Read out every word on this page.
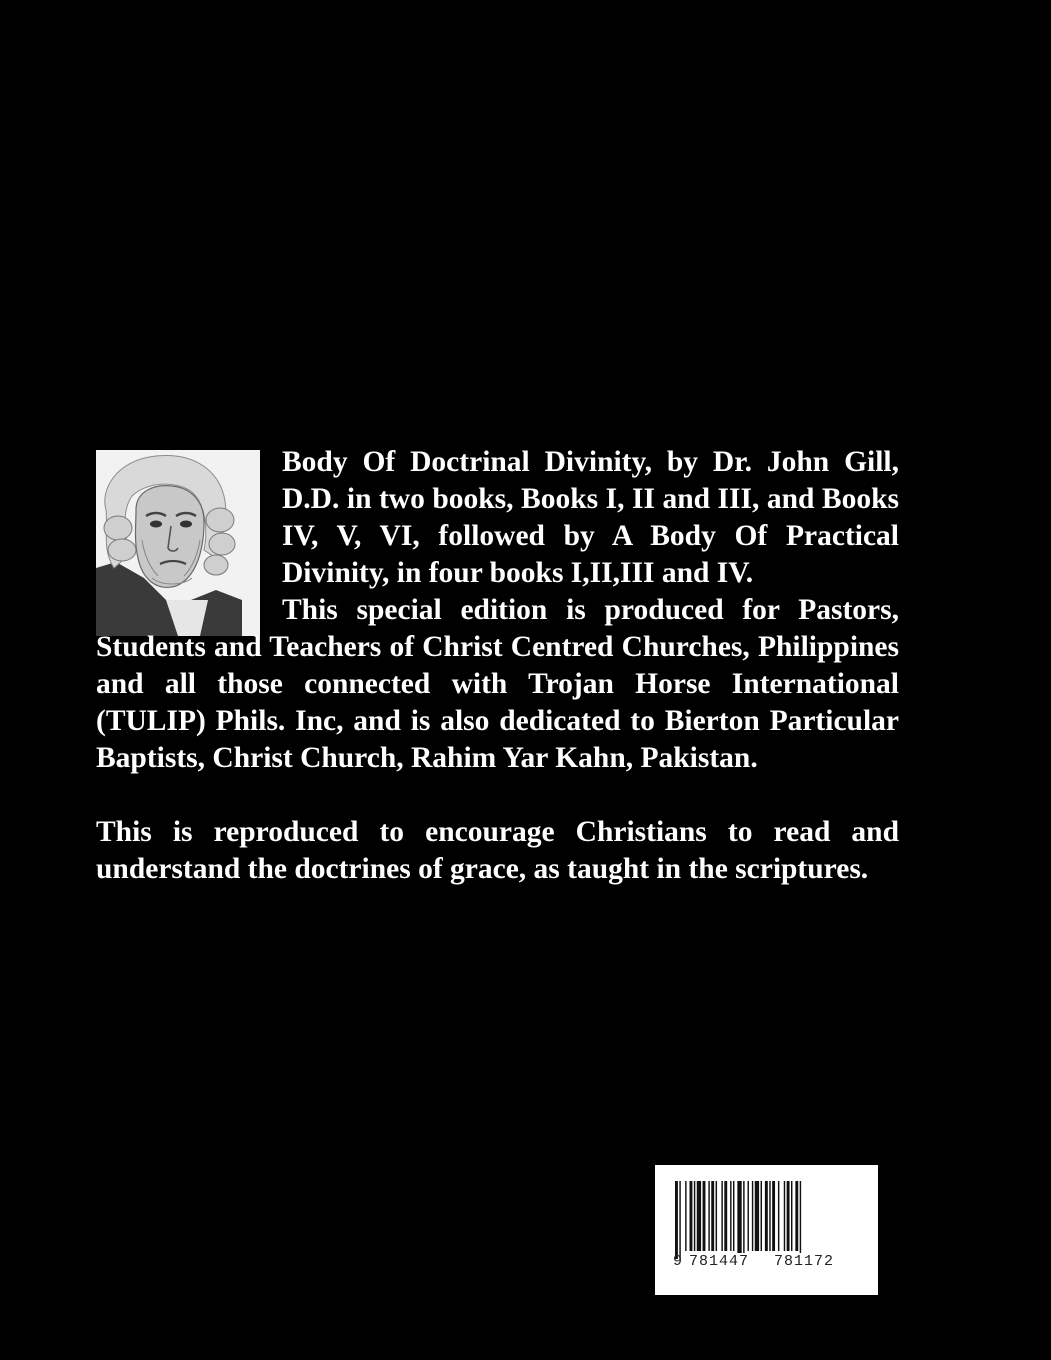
Body Of Doctrinal Divinity, by Dr. John Gill, D.D. in two books, Books I, II and III, and Books IV, V, VI, followed by A Body Of Practical Divinity, in four books I,II,III and IV.

This special edition is produced for Pastors, Students and Teachers of Christ Centred Churches, Philippines and all those connected with Trojan Horse International (TULIP) Phils. Inc, and is also dedicated to Bierton Particular Baptists, Christ Church, Rahim Yar Kahn, Pakistan.

This is reproduced to encourage Christians to read and understand the doctrines of grace, as taught in the scriptures.

9 781447 781172
